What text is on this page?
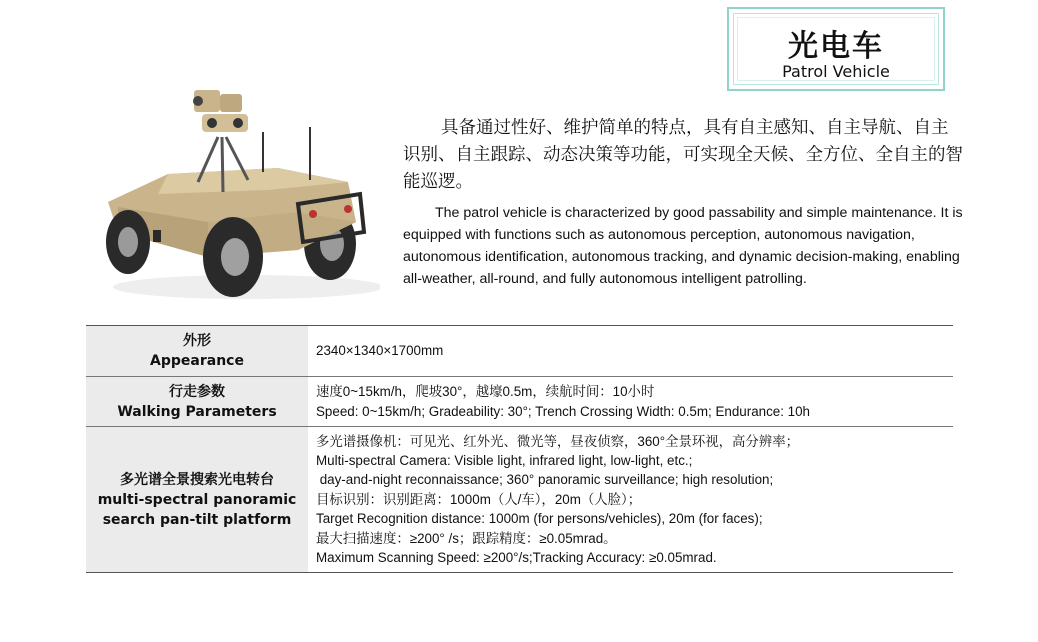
光电车
Patrol Vehicle
具备通过性好、维护简单的特点，具有自主感知、自主导航、自主识别、自主跟踪、动态决策等功能，可实现全天候、全方位、全自主的智能巡逻。
The patrol vehicle is characterized by good passability and simple maintenance. It is equipped with functions such as autonomous perception, autonomous navigation, autonomous identification, autonomous tracking, and dynamic decision-making, enabling all-weather, all-round, and fully autonomous intelligent patrolling.
外形
Appearance
2340×1340×1700mm
行走参数
Walking Parameters
速度0~15km/h，爬坡30°，越壕0.5m，续航时间：10小时
Speed: 0~15km/h; Gradeability: 30°; Trench Crossing Width: 0.5m; Endurance: 10h
多光谱全景搜索光电转台
multi-spectral panoramic
search pan-tilt platform
多光谱摄像机：可见光、红外光、微光等，昼夜侦察，360°全景环视，高分辨率；
Multi-spectral Camera: Visible light, infrared light, low-light, etc.;
day-and-night reconnaissance; 360° panoramic surveillance; high resolution;
目标识别：识别距离：1000m（人/车），20m（人脸）；
Target Recognition distance: 1000m (for persons/vehicles), 20m (for faces);
最大扫描速度：≥200° /s；跟踪精度：≥0.05mrad。
Maximum Scanning Speed: ≥200°/s;Tracking Accuracy: ≥0.05mrad.
